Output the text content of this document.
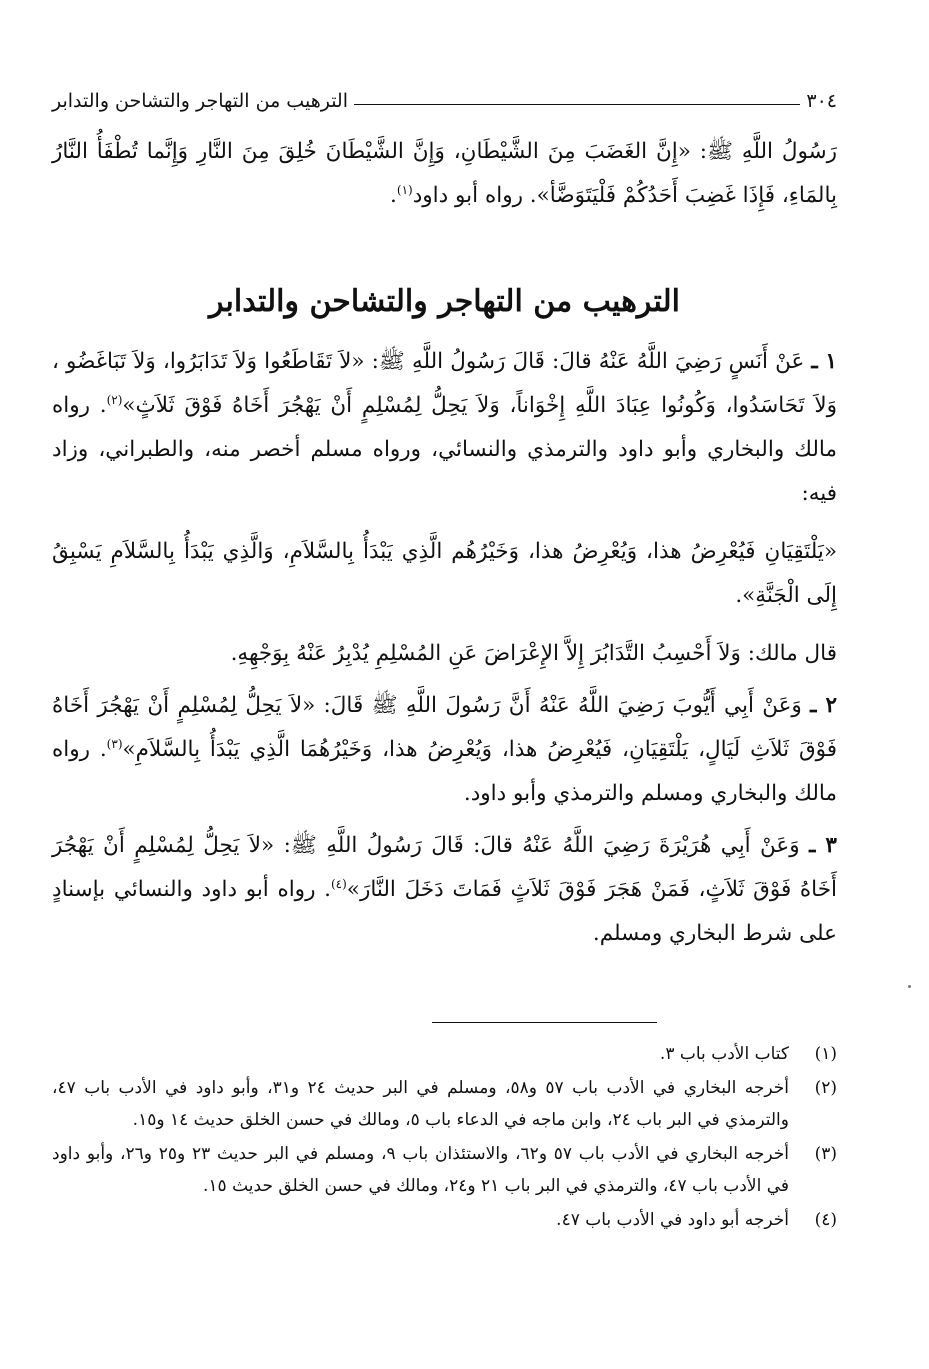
٣٠٤
الترهيب من التهاجر والتشاحن والتدابر

رَسُولُ اللَّهِ ﷺ: «إِنَّ الغَضَبَ مِنَ الشَّيْطَانِ، وَإِنَّ الشَّيْطَانَ خُلِقَ مِنَ النَّارِ وَإِنَّما تُطْفَأُ النَّارُ بِالمَاءِ، فَإِذَا غَضِبَ أَحَدُكُمْ فَلْيَتَوَضَّأ». رواه أبو داود$^{(١)}$.

الترهيب من التهاجر والتشاحن والتدابر

١ ـ عَنْ أَنَسٍ رَضِيَ اللَّهُ عَنْهُ قالَ: قَالَ رَسُولُ اللَّهِ ﷺ: «لاَ تَقَاطَعُوا وَلاَ تَدَابَرُوا، وَلاَ تَبَاغَضُو ، وَلاَ تَحَاسَدُوا، وَكُونُوا عِبَادَ اللَّهِ إِخْوَاناً، وَلاَ يَحِلُّ لِمُسْلِمٍ أَنْ يَهْجُرَ أَخَاهُ فَوْقَ ثَلاَثٍ»$^{(٢)}$. رواه مالك والبخاري وأبو داود والترمذي والنسائي، ورواه مسلم أخصر منه، والطبراني، وزاد فيه:

«يَلْتَقِيَانِ فَيُعْرِضُ هذا، وَيُعْرِضُ هذا، وَخَيْرُهُم الَّذِي يَبْدَأُ بِالسَّلاَمِ، وَالَّذِي يَبْدَأُ بِالسَّلاَمِ يَسْبِقُ إِلَى الْجَنَّةِ».

قال مالك: وَلاَ أَحْسِبُ التَّدَابُرَ إِلاَّ الإِعْرَاضَ عَنِ المُسْلِمِ يُدْبِرُ عَنْهُ بِوَجْهِهِ.

٢ ـ وَعَنْ أَبِي أَيُّوبَ رَضِيَ اللَّهُ عَنْهُ أَنَّ رَسُولَ اللَّهِ ﷺ قَالَ: «لاَ يَحِلُّ لِمُسْلِمٍ أَنْ يَهْجُرَ أَخَاهُ فَوْقَ ثَلاَثِ لَيَالٍ، يَلْتَقِيَانِ، فَيُعْرِضُ هذا، وَيُعْرِضُ هذا، وَخَيْرُهُمَا الَّذِي يَبْدَأُ بِالسَّلاَمِ»$^{(٣)}$. رواه مالك والبخاري ومسلم والترمذي وأبو داود.

٣ ـ وَعَنْ أَبِي هُرَيْرَةَ رَضِيَ اللَّهُ عَنْهُ قالَ: قَالَ رَسُولُ اللَّهِ ﷺ: «لاَ يَحِلُّ لِمُسْلِمٍ أَنْ يَهْجُرَ أَخَاهُ فَوْقَ ثَلاَثٍ، فَمَنْ هَجَرَ فَوْقَ ثَلاَثٍ فَمَاتَ دَخَلَ النَّارَ»$^{(٤)}$. رواه أبو داود والنسائي بإسنادٍ على شرط البخاري ومسلم.

(١)
كتاب الأدب باب ٣.
(٢)
أخرجه البخاري في الأدب باب ٥٧ و٥٨، ومسلم في البر حديث ٢٤ و٣١، وأبو داود في الأدب باب ٤٧، والترمذي في البر باب ٢٤، وابن ماجه في الدعاء باب ٥، ومالك في حسن الخلق حديث ١٤ و١٥.
(٣)
أخرجه البخاري في الأدب باب ٥٧ و٦٢، والاستئذان باب ٩، ومسلم في البر حديث ٢٣ و٢٥ و٢٦، وأبو داود في الأدب باب ٤٧، والترمذي في البر باب ٢١ و٢٤، ومالك في حسن الخلق حديث ١٥.
(٤)
أخرجه أبو داود في الأدب باب ٤٧.
